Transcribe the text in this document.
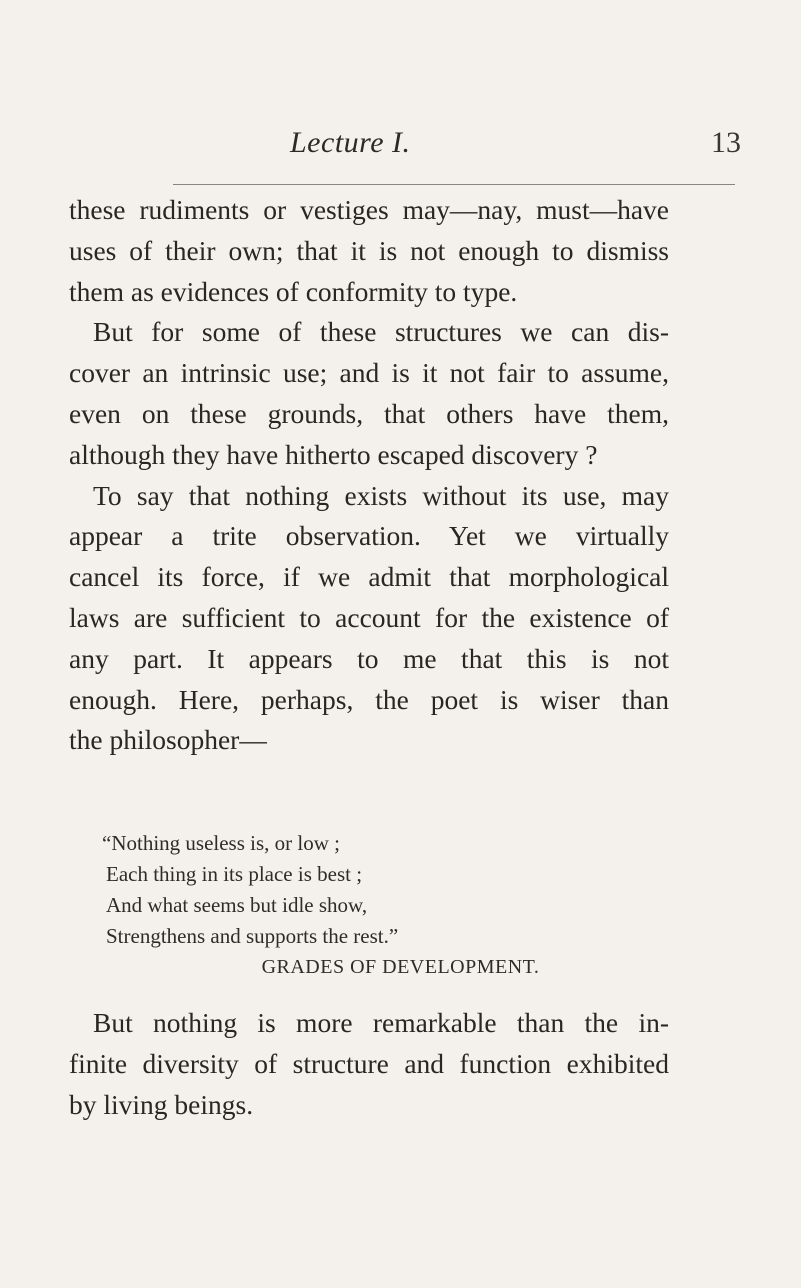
Lecture I.	13
these rudiments or vestiges may—nay, must—have
uses of their own; that it is not enough to dismiss
them as evidences of conformity to type.
But for some of these structures we can dis-
cover an intrinsic use; and is it not fair to assume,
even on these grounds, that others have them,
although they have hitherto escaped discovery ?
To say that nothing exists without its use, may
appear a trite observation. Yet we virtually
cancel its force, if we admit that morphological
laws are sufficient to account for the existence of
any part. It appears to me that this is not
enough. Here, perhaps, the poet is wiser than
the philosopher—
“Nothing useless is, or low ;
Each thing in its place is best ;
And what seems but idle show,
Strengthens and supports the rest.”
GRADES OF DEVELOPMENT.
But nothing is more remarkable than the in-
finite diversity of structure and function exhibited
by living beings.
